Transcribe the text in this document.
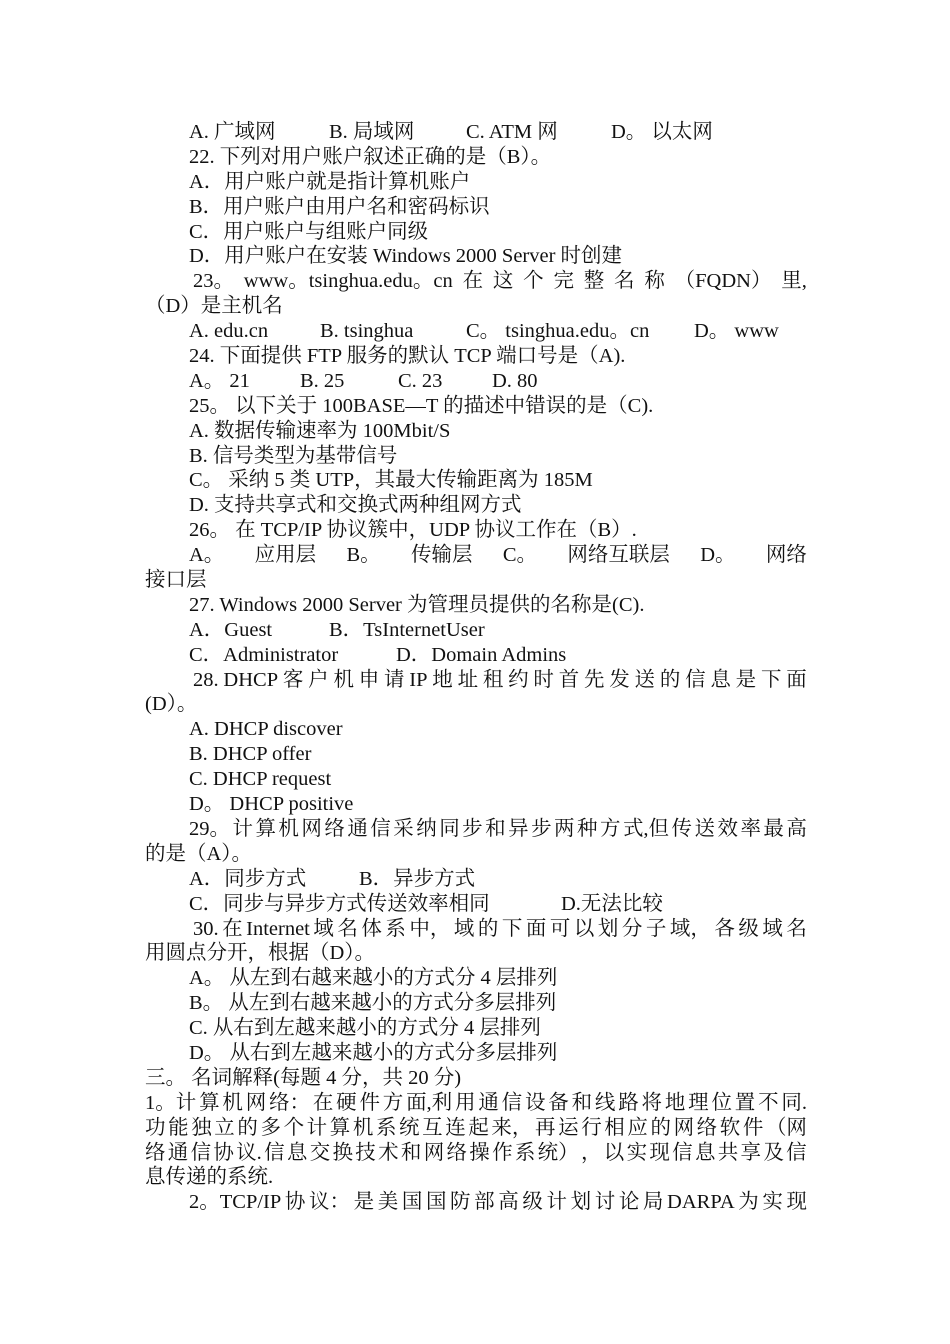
A. 广域网	B. 局域网	C. ATM 网	D。 以太网
22. 下列对用户账户叙述正确的是（B）。
A．用户账户就是指计算机账户
B．用户账户由用户名和密码标识
C．用户账户与组账户同级
D．用户账户在安装 Windows 2000 Server 时创建
23。 www。tsinghua.edu。cn 在 这 个 完 整 名 称 （FQDN） 里,
（D）是主机名
A. edu.cn	B. tsinghua	C。 tsinghua.edu。cn	D。 www
24. 下面提供 FTP 服务的默认 TCP 端口号是（A).
A。 21	B. 25	C. 23	D. 80
25。 以下关于 100BASE—T 的描述中错误的是（C).
A. 数据传输速率为 100Mbit/S
B. 信号类型为基带信号
C。 采纳 5 类 UTP，其最大传输距离为 185M
D. 支持共享式和交换式两种组网方式
26。 在 TCP/IP 协议簇中，UDP 协议工作在（B）.
A。 应用层 B。 传输层 C。 网络互联层 D。 网络
接口层
27. Windows 2000 Server 为管理员提供的名称是(C).
A．Guest	B．TsInternetUser
C．Administrator	D．Domain Admins
28. DHCP 客 户 机 申 请 IP 地 址 租 约 时 首 先 发 送 的 信 息 是 下 面
(D）。
A. DHCP discover
B. DHCP offer
C. DHCP request
D。 DHCP positive
29。 计 算 机 网 络 通 信 采 纳 同 步 和 异 步 两 种 方 式,但 传 送 效 率 最 高
的是（A）。
A．同步方式	B．异步方式
C．同步与异步方式传送效率相同	D.无法比较
30. 在 Internet 域 名 体 系 中， 域 的 下 面 可 以 划 分 子 域， 各 级 域 名
用圆点分开，根据（D）。
A。 从左到右越来越小的方式分 4 层排列
B。 从左到右越来越小的方式分多层排列
C. 从右到左越来越小的方式分 4 层排列
D。 从右到左越来越小的方式分多层排列
三。 名词解释(每题 4 分，共 20 分)
1。计 算 机 网 络： 在 硬 件 方 面,利 用 通 信 设 备 和 线 路 将 地 理 位 置 不 同.
功 能 独 立 的 多 个 计 算 机 系 统 互 连 起 来， 再 运 行 相 应 的 网 络 软 件 （网
络 通 信 协 议. 信 息 交 换 技 术 和 网 络 操 作 系 统） ， 以 实 现 信 息 共 享 及 信
息传递的系统.
2。TCP/IP 协 议： 是 美 国 国 防 部 高 级 计 划 讨 论 局 DARPA 为 实 现
